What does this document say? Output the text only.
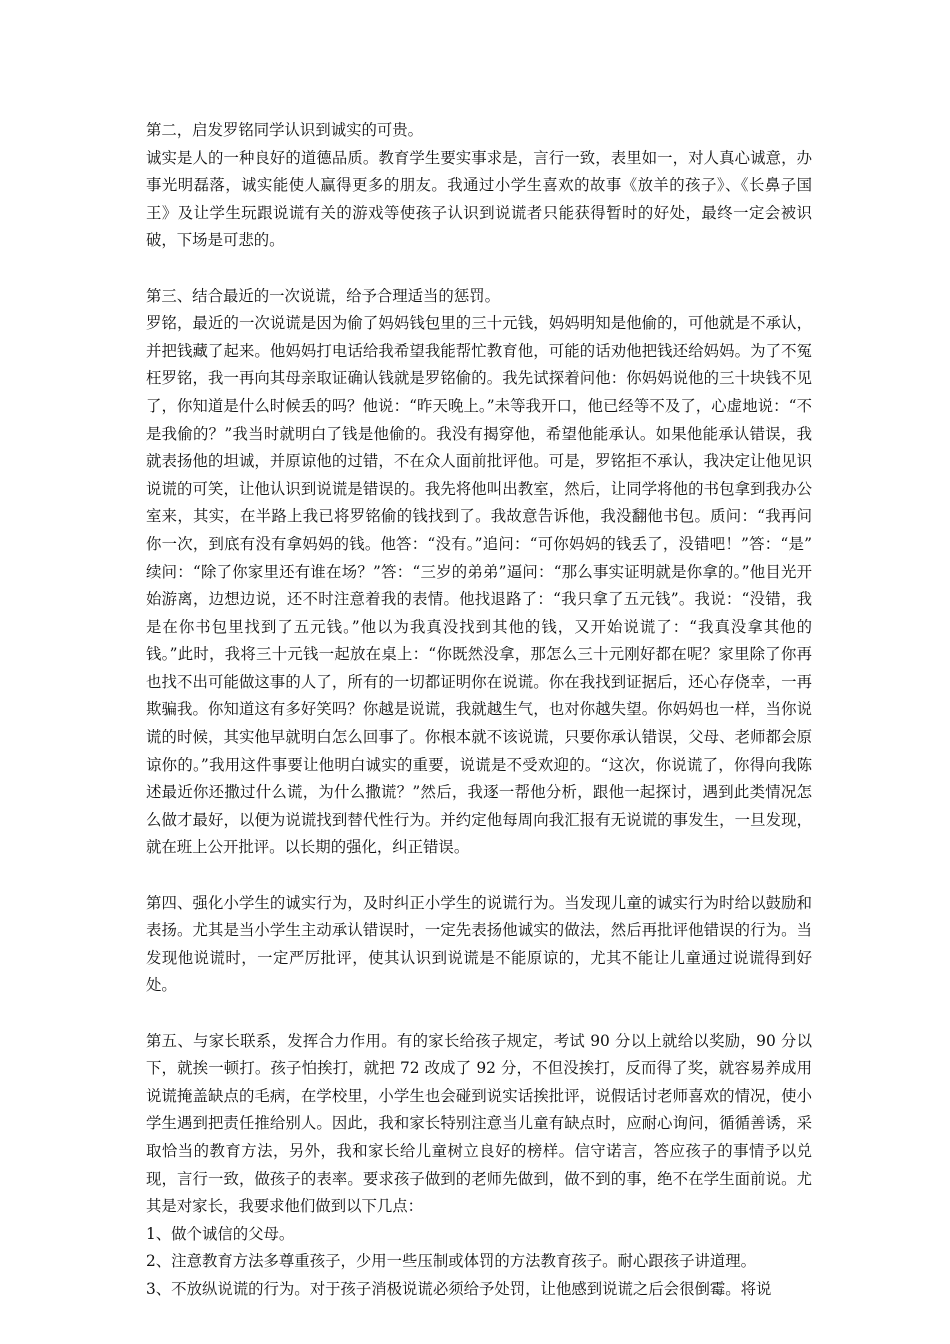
第二，启发罗铭同学认识到诚实的可贵。

诚实是人的一种良好的道德品质。教育学生要实事求是，言行一致，表里如一，对人真心诚意，办事光明磊落，诚实能使人赢得更多的朋友。我通过小学生喜欢的故事《放羊的孩子》、《长鼻子国王》及让学生玩跟说谎有关的游戏等使孩子认识到说谎者只能获得暂时的好处，最终一定会被识破，下场是可悲的。

第三、结合最近的一次说谎，给予合理适当的惩罚。

罗铭，最近的一次说谎是因为偷了妈妈钱包里的三十元钱，妈妈明知是他偷的，可他就是不承认，并把钱藏了起来。他妈妈打电话给我希望我能帮忙教育他，可能的话劝他把钱还给妈妈。为了不冤枉罗铭，我一再向其母亲取证确认钱就是罗铭偷的。我先试探着问他：你妈妈说他的三十块钱不见了，你知道是什么时候丢的吗？他说：“昨天晚上。”未等我开口，他已经等不及了，心虚地说：“不是我偷的？”我当时就明白了钱是他偷的。我没有揭穿他，希望他能承认。如果他能承认错误，我就表扬他的坦诚，并原谅他的过错，不在众人面前批评他。可是，罗铭拒不承认，我决定让他见识说谎的可笑，让他认识到说谎是错误的。我先将他叫出教室，然后，让同学将他的书包拿到我办公室来，其实，在半路上我已将罗铭偷的钱找到了。我故意告诉他，我没翻他书包。质问：“我再问你一次，到底有没有拿妈妈的钱。他答：“没有。”追问：“可你妈妈的钱丢了，没错吧！”答：“是” 续问：“除了你家里还有谁在场？”答：“三岁的弟弟”逼问：“那么事实证明就是你拿的。”他目光开始游离，边想边说，还不时注意着我的表情。他找退路了：“我只拿了五元钱”。我说：“没错，我是在你书包里找到了五元钱。”他以为我真没找到其他的钱，又开始说谎了：“我真没拿其他的钱。”此时，我将三十元钱一起放在桌上：“你既然没拿，那怎么三十元刚好都在呢？家里除了你再也找不出可能做这事的人了，所有的一切都证明你在说谎。你在我找到证据后，还心存侥幸，一再欺骗我。你知道这有多好笑吗？你越是说谎，我就越生气，也对你越失望。你妈妈也一样，当你说谎的时候，其实他早就明白怎么回事了。你根本就不该说谎，只要你承认错误，父母、老师都会原谅你的。”我用这件事要让他明白诚实的重要，说谎是不受欢迎的。“这次，你说谎了，你得向我陈述最近你还撒过什么谎，为什么撒谎？”然后，我逐一帮他分析，跟他一起探讨，遇到此类情况怎么做才最好，以便为说谎找到替代性行为。并约定他每周向我汇报有无说谎的事发生，一旦发现，就在班上公开批评。以长期的强化，纠正错误。

第四、强化小学生的诚实行为，及时纠正小学生的说谎行为。当发现儿童的诚实行为时给以鼓励和表扬。尤其是当小学生主动承认错误时，一定先表扬他诚实的做法，然后再批评他错误的行为。当发现他说谎时，一定严厉批评，使其认识到说谎是不能原谅的，尤其不能让儿童通过说谎得到好处。

第五、与家长联系，发挥合力作用。有的家长给孩子规定，考试 90 分以上就给以奖励，90 分以下，就挨一顿打。孩子怕挨打，就把 72 改成了 92 分，不但没挨打，反而得了奖，就容易养成用说谎掩盖缺点的毛病，在学校里，小学生也会碰到说实话挨批评，说假话讨老师喜欢的情况，使小学生遇到把责任推给别人。因此，我和家长特别注意当儿童有缺点时，应耐心询问，循循善诱，采取恰当的教育方法，另外，我和家长给儿童树立良好的榜样。信守诺言，答应孩子的事情予以兑现，言行一致，做孩子的表率。要求孩子做到的老师先做到，做不到的事，绝不在学生面前说。尤其是对家长，我要求他们做到以下几点：

1、做个诚信的父母。

2、注意教育方法多尊重孩子，少用一些压制或体罚的方法教育孩子。耐心跟孩子讲道理。

3、不放纵说谎的行为。对于孩子消极说谎必须给予处罚，让他感到说谎之后会很倒霉。将说
